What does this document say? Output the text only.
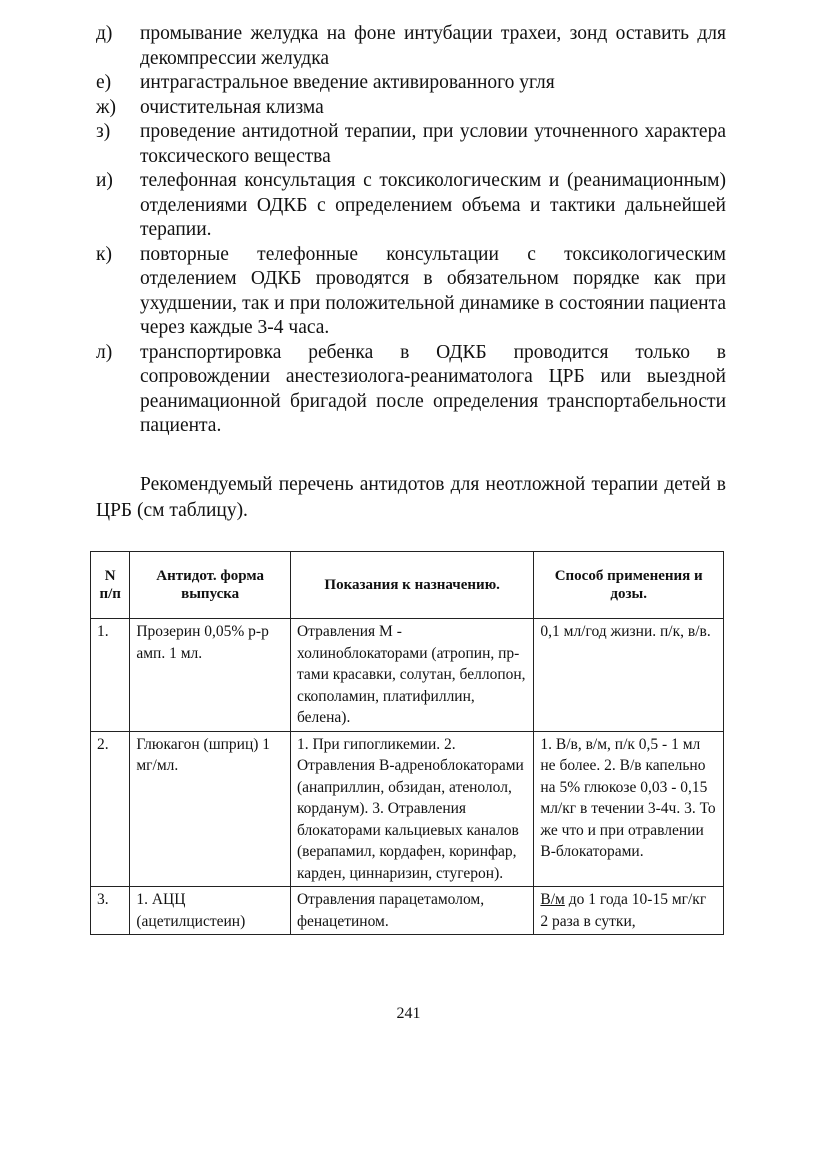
д)	промывание желудка на фоне интубации трахеи, зонд оставить для декомпрессии желудка
е)	интрагастральное введение активированного угля
ж)	очистительная клизма
з)	проведение антидотной терапии, при условии уточненного характера токсического вещества
и)	телефонная консультация с токсикологическим и (реанимационным) отделениями ОДКБ с определением объема и тактики дальнейшей терапии.
к)	повторные телефонные консультации с токсикологическим отделением ОДКБ проводятся в обязательном порядке как при ухудшении, так и при положительной динамике в состоянии пациента через каждые 3-4 часа.
л)	транспортировка ребенка в ОДКБ проводится только в сопровождении анестезиолога-реаниматолога ЦРБ или выездной реанимационной бригадой после определения транспортабельности пациента.

Рекомендуемый перечень антидотов для неотложной терапии детей в ЦРБ (см таблицу).

N п/п	Антидот. форма выпуска	Показания к назначению.	Способ применения и дозы.
1.	Прозерин 0,05% р-р амп. 1 мл.	Отравления М - холиноблокаторами (атропин, пр-тами красавки, солутан, беллопон, скополамин, платифиллин, белена).	0,1 мл/год жизни. п/к, в/в.
2.	Глюкагон (шприц) 1 мг/мл.	1. При гипогликемии. 2. Отравления В-адреноблокаторами (анаприллин, обзидан, атенолол, корданум). 3. Отравления блокаторами кальциевых каналов (верапамил, кордафен, коринфар, карден, циннаризин, стугерон).	1. В/в, в/м, п/к 0,5 - 1 мл не более. 2. В/в капельно на 5% глюкозе 0,03 - 0,15 мл/кг в течении 3-4ч. 3. То же что и при отравлении В-блокаторами.
3.	1. АЦЦ (ацетилцистеин)	Отравления парацетамолом, фенацетином.	В/м до 1 года 10-15 мг/кг 2 раза в сутки,
241
